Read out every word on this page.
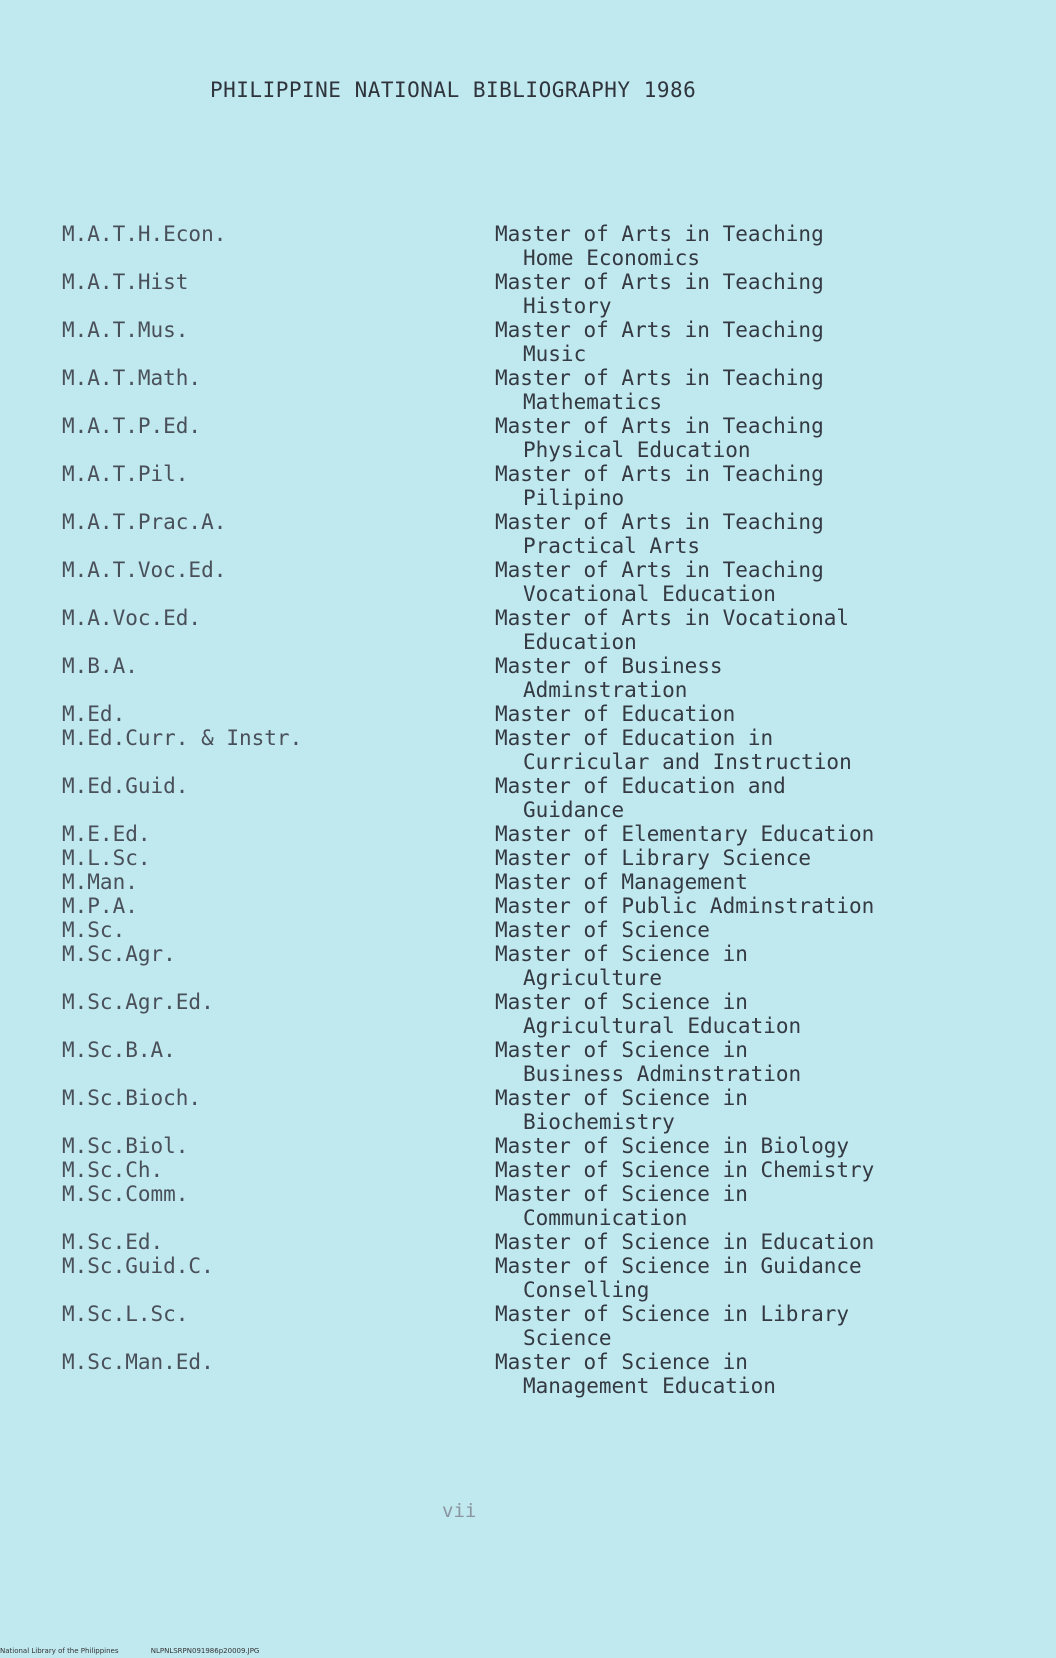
PHILIPPINE NATIONAL BIBLIOGRAPHY 1986
M.A.T.H.Econ.	Master of Arts in Teaching
Home Economics
M.A.T.Hist	Master of Arts in Teaching
History
M.A.T.Mus.	Master of Arts in Teaching
Music
M.A.T.Math.	Master of Arts in Teaching
Mathematics
M.A.T.P.Ed.	Master of Arts in Teaching
Physical Education
M.A.T.Pil.	Master of Arts in Teaching
Pilipino
M.A.T.Prac.A.	Master of Arts in Teaching
Practical Arts
M.A.T.Voc.Ed.	Master of Arts in Teaching
Vocational Education
M.A.Voc.Ed.	Master of Arts in Vocational
Education
M.B.A.	Master of Business
Adminstration
M.Ed.	Master of Education
M.Ed.Curr. & Instr.	Master of Education in
Curricular and Instruction
M.Ed.Guid.	Master of Education and
Guidance
M.E.Ed.	Master of Elementary Education
M.L.Sc.	Master of Library Science
M.Man.	Master of Management
M.P.A.	Master of Public Adminstration
M.Sc.	Master of Science
M.Sc.Agr.	Master of Science in
Agriculture
M.Sc.Agr.Ed.	Master of Science in
Agricultural Education
M.Sc.B.A.	Master of Science in
Business Adminstration
M.Sc.Bioch.	Master of Science in
Biochemistry
M.Sc.Biol.	Master of Science in Biology
M.Sc.Ch.	Master of Science in Chemistry
M.Sc.Comm.	Master of Science in
Communication
M.Sc.Ed.	Master of Science in Education
M.Sc.Guid.C.	Master of Science in Guidance
Conselling
M.Sc.L.Sc.	Master of Science in Library
Science
M.Sc.Man.Ed.	Master of Science in
Management Education
vii
National Library of the Philippines	NLPNLSRPN091986p20009.JPG
